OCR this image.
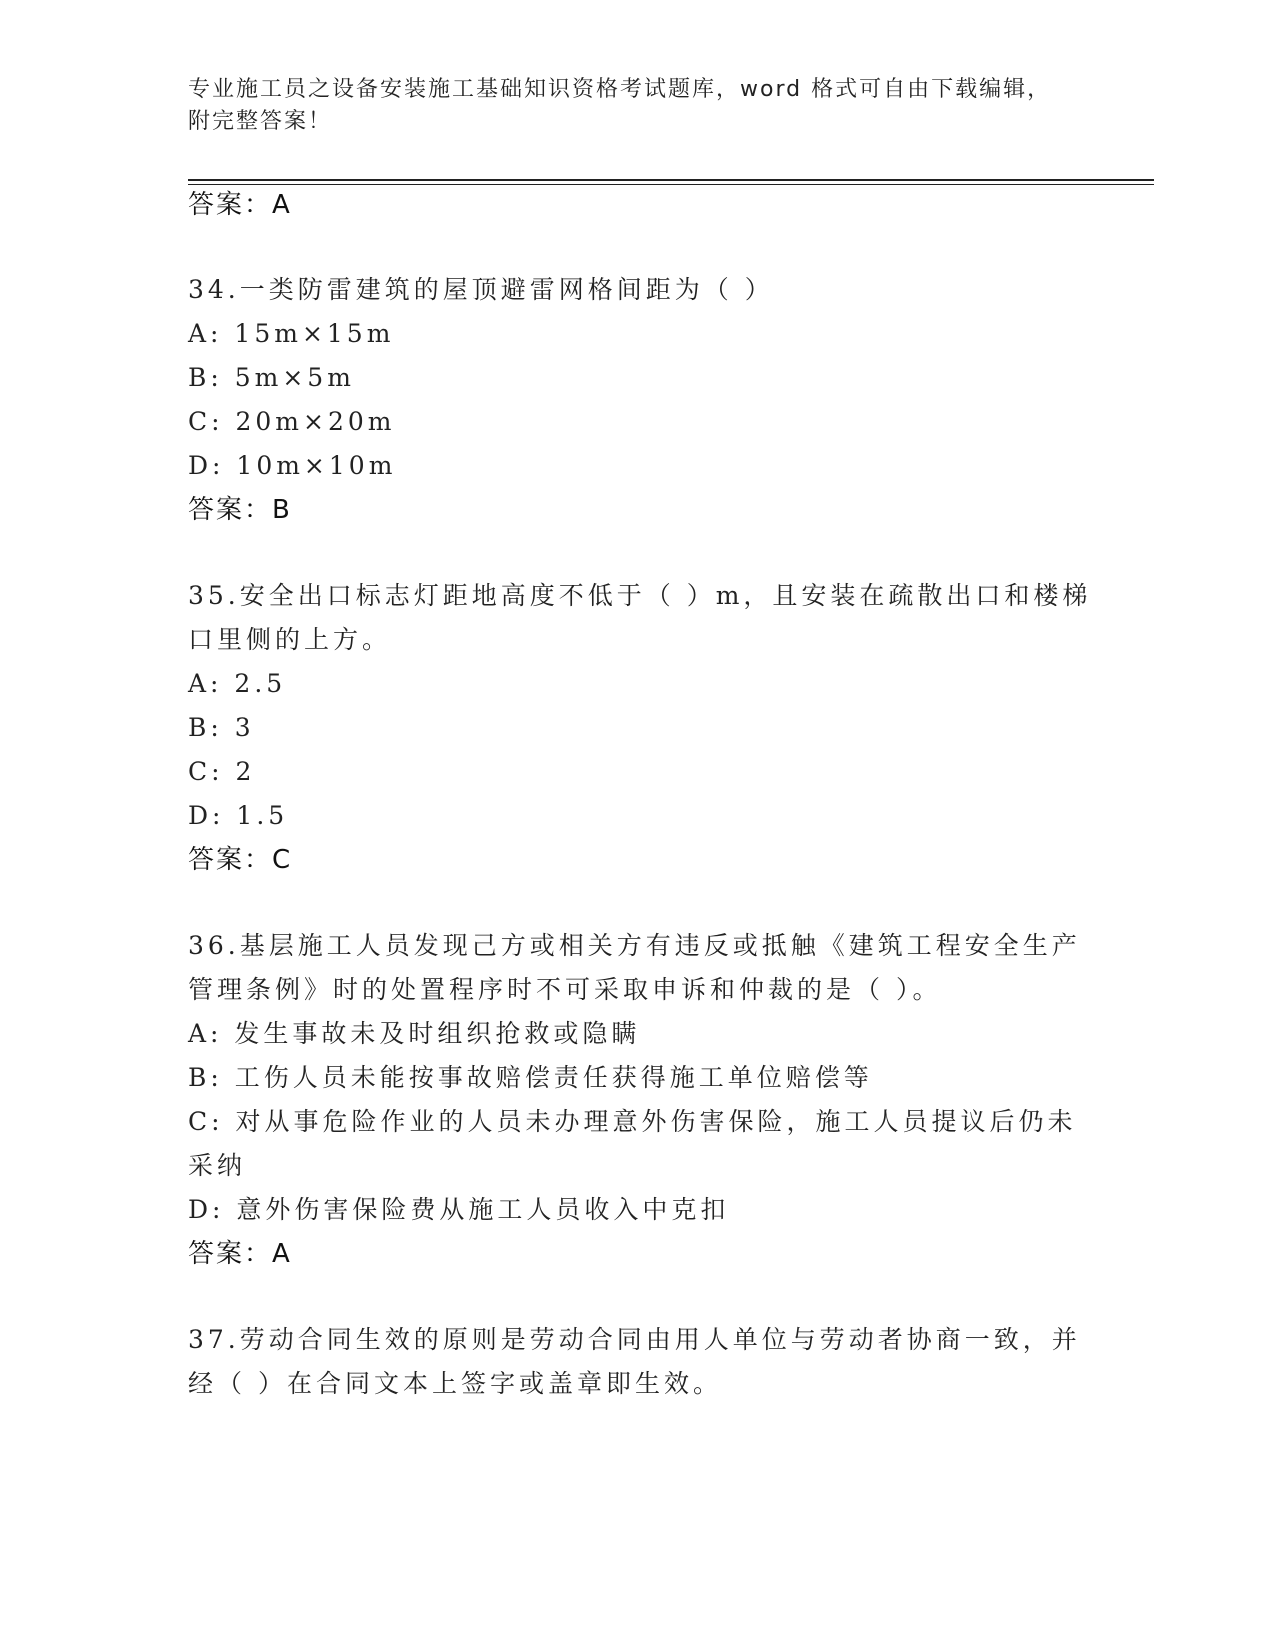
专业施工员之设备安装施工基础知识资格考试题库，word 格式可自由下载编辑，
附完整答案！
答案：A
34.一类防雷建筑的屋顶避雷网格间距为（ ）
A: 15m×15m
B: 5m×5m
C: 20m×20m
D: 10m×10m
答案：B
35.安全出口标志灯距地高度不低于（ ）m，且安装在疏散出口和楼梯
口里侧的上方。
A: 2.5
B: 3
C: 2
D: 1.5
答案：C
36.基层施工人员发现己方或相关方有违反或抵触《建筑工程安全生产
管理条例》时的处置程序时不可采取申诉和仲裁的是（ ）。
A: 发生事故未及时组织抢救或隐瞒
B: 工伤人员未能按事故赔偿责任获得施工单位赔偿等
C: 对从事危险作业的人员未办理意外伤害保险，施工人员提议后仍未
采纳
D: 意外伤害保险费从施工人员收入中克扣
答案：A
37.劳动合同生效的原则是劳动合同由用人单位与劳动者协商一致，并
经（ ）在合同文本上签字或盖章即生效。
